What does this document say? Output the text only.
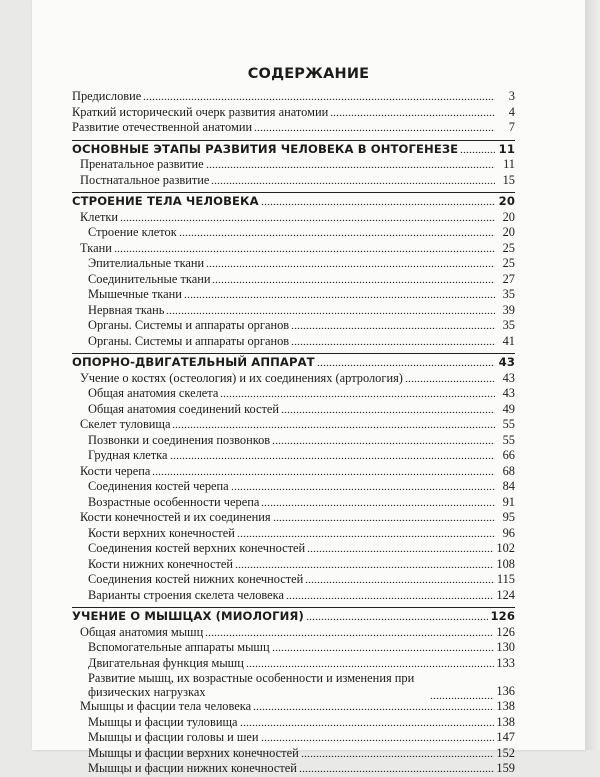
СОДЕРЖАНИЕ
Предисловие	3
Краткий исторический очерк развития анатомии	4
Развитие отечественной анатомии	7
ОСНОВНЫЕ ЭТАПЫ РАЗВИТИЯ ЧЕЛОВЕКА В ОНТОГЕНЕЗЕ	11
Пренатальное развитие	11
Постнатальное развитие	15
СТРОЕНИЕ ТЕЛА ЧЕЛОВЕКА	20
Клетки	20
Строение клеток	20
Ткани	25
Эпителиальные ткани	25
Соединительные ткани	27
Мышечные ткани	35
Нервная ткань	39
Органы. Системы и аппараты органов	35
Органы. Системы и аппараты органов	41
ОПОРНО-ДВИГАТЕЛЬНЫЙ АППАРАТ	43
Учение о костях (остеология) и их соединениях (артрология)	43
Общая анатомия скелета	43
Общая анатомия соединений костей	49
Скелет туловища	55
Позвонки и соединения позвонков	55
Грудная клетка	66
Кости черепа	68
Соединения костей черепа	84
Возрастные особенности черепа	91
Кости конечностей и их соединения	95
Кости верхних конечностей	96
Соединения костей верхних конечностей	102
Кости нижних конечностей	108
Соединения костей нижних конечностей	115
Варианты строения скелета человека	124
УЧЕНИЕ О МЫШЦАХ (МИОЛОГИЯ)	126
Общая анатомия мышц	126
Вспомогательные аппараты мышц	130
Двигательная функция мышц	133
Развитие мышц, их возрастные особенности и изменения при физических нагрузках	136
Мышцы и фасции тела человека	138
Мышцы и фасции туловища	138
Мышцы и фасции головы и шеи	147
Мышцы и фасции верхних конечностей	152
Мышцы и фасции нижних конечностей	159
